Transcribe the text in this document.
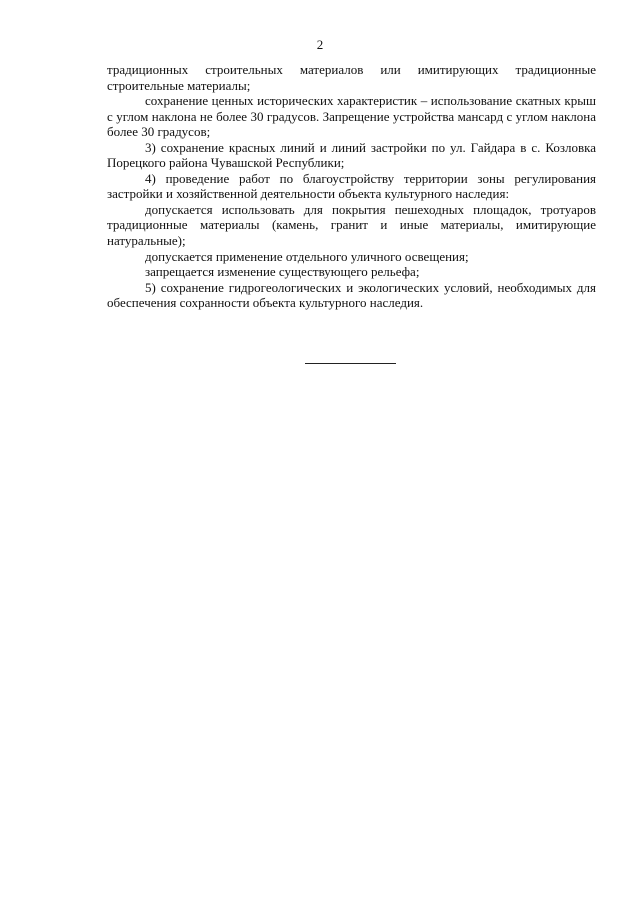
2

традиционных строительных материалов или имитирующих традиционные строительные материалы;

сохранение ценных исторических характеристик – использование скатных крыш с углом наклона не более 30 градусов. Запрещение устройства мансард с углом наклона более 30 градусов;

3) сохранение красных линий и линий застройки по ул. Гайдара в с. Козловка Порецкого района Чувашской Республики;

4) проведение работ по благоустройству территории зоны регулирования застройки и хозяйственной деятельности объекта культурного наследия:

допускается использовать для покрытия пешеходных площадок, тротуаров традиционные материалы (камень, гранит и иные материалы, имитирующие натуральные);

допускается применение отдельного уличного освещения;

запрещается изменение существующего рельефа;

5) сохранение гидрогеологических и экологических условий, необходимых для обеспечения сохранности объекта культурного наследия.
